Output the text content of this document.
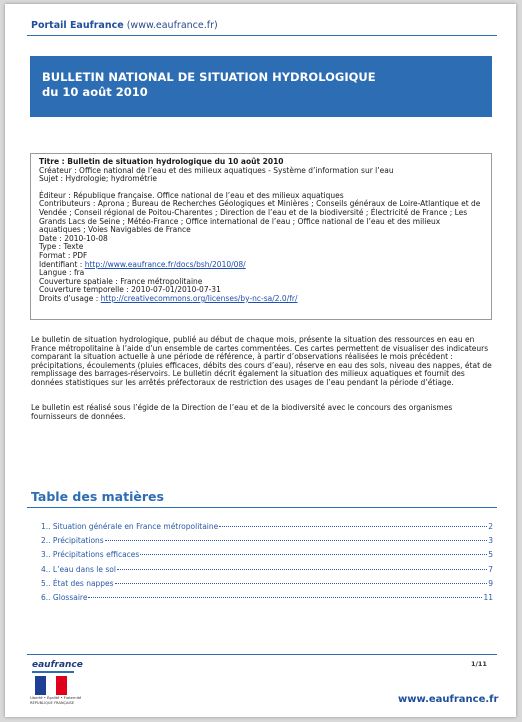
Portail Eaufrance (www.eaufrance.fr)
BULLETIN NATIONAL DE SITUATION HYDROLOGIQUE
du 10 août 2010
Titre : Bulletin de situation hydrologique du 10 août 2010
Créateur : Office national de l’eau et des milieux aquatiques - Système d’information sur l’eau
Sujet : Hydrologie; hydrométrie
Éditeur : République française. Office national de l’eau et des milieux aquatiques
Contributeurs : Aprona ; Bureau de Recherches Géologiques et Minières ; Conseils généraux de Loire-Atlantique et de Vendée ; Conseil régional de Poitou-Charentes ; Direction de l’eau et de la biodiversité ; Électricité de France ; Les Grands Lacs de Seine ; Météo-France ; Office international de l’eau ; Office national de l’eau et des milieux aquatiques ; Voies Navigables de France
Date : 2010-10-08
Type : Texte
Format : PDF
Identifiant : http://www.eaufrance.fr/docs/bsh/2010/08/
Langue : fra
Couverture spatiale : France métropolitaine
Couverture temporelle : 2010-07-01/2010-07-31
Droits d’usage : http://creativecommons.org/licenses/by-nc-sa/2.0/fr/
Le bulletin de situation hydrologique, publié au début de chaque mois, présente la situation des ressources en eau en France métropolitaine à l’aide d’un ensemble de cartes commentées. Ces cartes permettent de visualiser des indicateurs comparant la situation actuelle à une période de référence, à partir d’observations réalisées le mois précédent : précipitations, écoulements (pluies efficaces, débits des cours d’eau), réserve en eau des sols, niveau des nappes, état de remplissage des barrages-réservoirs. Le bulletin décrit également la situation des milieux aquatiques et fournit des données statistiques sur les arrêtés préfectoraux de restriction des usages de l’eau pendant la période d’étiage.
Le bulletin est réalisé sous l’égide de la Direction de l’eau et de la biodiversité avec le concours des organismes fournisseurs de données.
Table des matières
1.. Situation générale en France métropolitaine	2
2.. Précipitations	3
3.. Précipitations efficaces	5
4.. L’eau dans le sol	7
5.. État des nappes	9
6.. Glossaire	11
eaufrance
Liberté • Égalité • Fraternité
RÉPUBLIQUE FRANÇAISE
1/11
www.eaufrance.fr
